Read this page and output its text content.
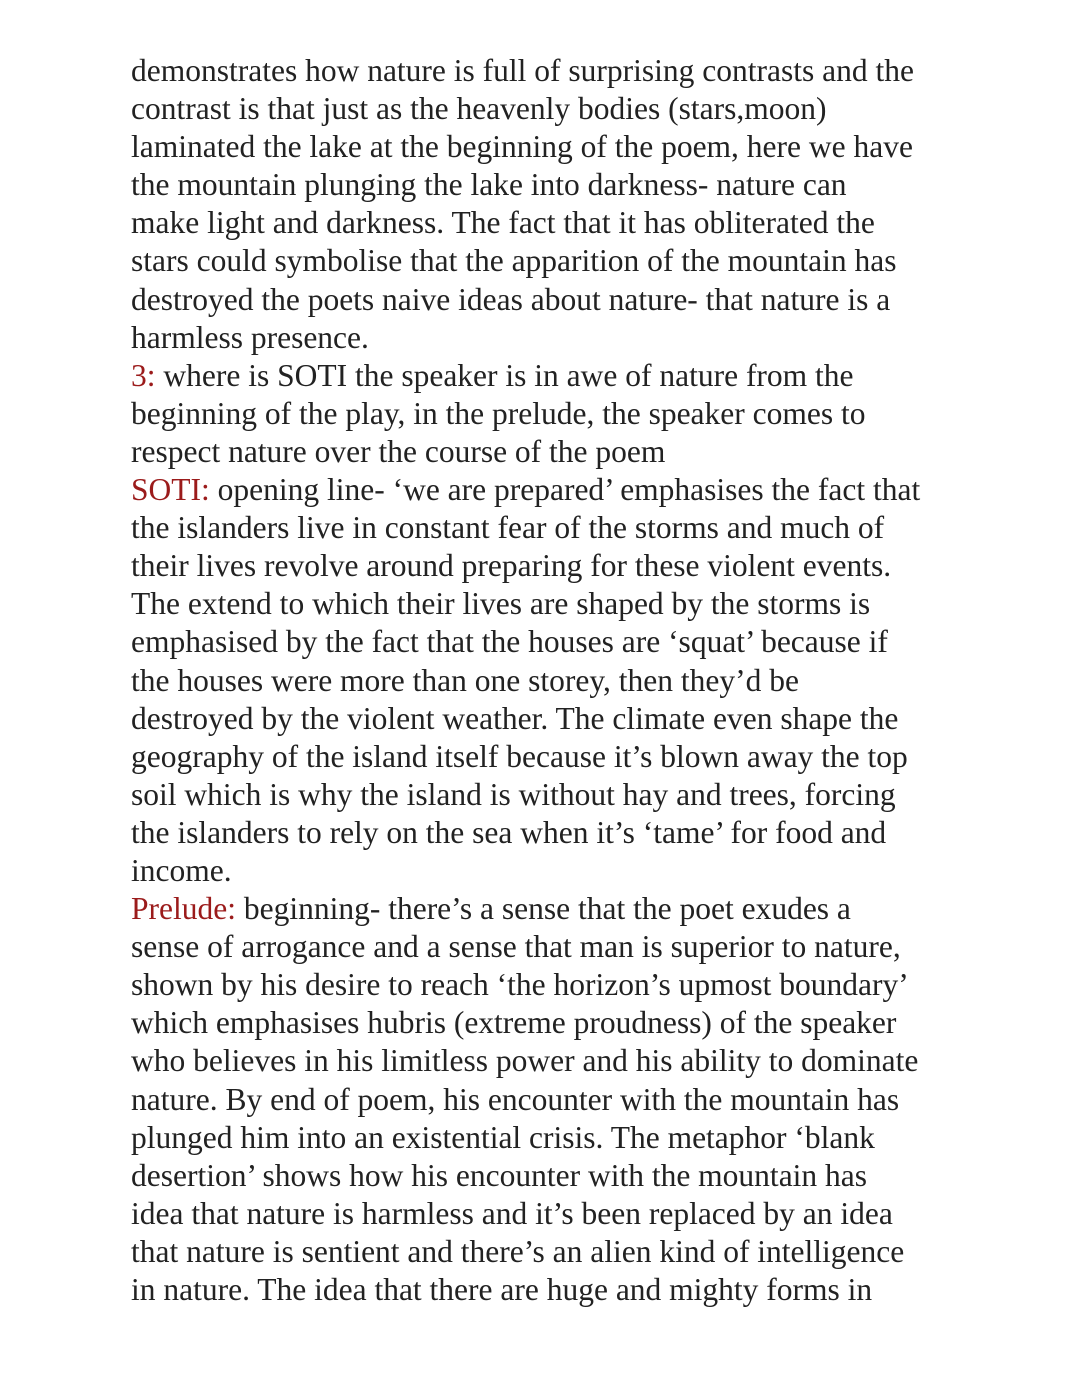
demonstrates how nature is full of surprising contrasts and the
contrast is that just as the heavenly bodies (stars,moon)
laminated the lake at the beginning of the poem, here we have
the mountain plunging the lake into darkness- nature can
make light and darkness. The fact that it has obliterated the
stars could symbolise that the apparition of the mountain has
destroyed the poets naive ideas about nature- that nature is a
harmless presence.
3: where is SOTI the speaker is in awe of nature from the
beginning of the play, in the prelude, the speaker comes to
respect nature over the course of the poem
SOTI: opening line- ‘we are prepared’ emphasises the fact that
the islanders live in constant fear of the storms and much of
their lives revolve around preparing for these violent events.
The extend to which their lives are shaped by the storms is
emphasised by the fact that the houses are ‘squat’ because if
the houses were more than one storey, then they’d be
destroyed by the violent weather. The climate even shape the
geography of the island itself because it’s blown away the top
soil which is why the island is without hay and trees, forcing
the islanders to rely on the sea when it’s ‘tame’ for food and
income.
Prelude: beginning- there’s a sense that the poet exudes a
sense of arrogance and a sense that man is superior to nature,
shown by his desire to reach ‘the horizon’s upmost boundary’
which emphasises hubris (extreme proudness) of the speaker
who believes in his limitless power and his ability to dominate
nature. By end of poem, his encounter with the mountain has
plunged him into an existential crisis. The metaphor ‘blank
desertion’ shows how his encounter with the mountain has
idea that nature is harmless and it’s been replaced by an idea
that nature is sentient and there’s an alien kind of intelligence
in nature. The idea that there are huge and mighty forms in
